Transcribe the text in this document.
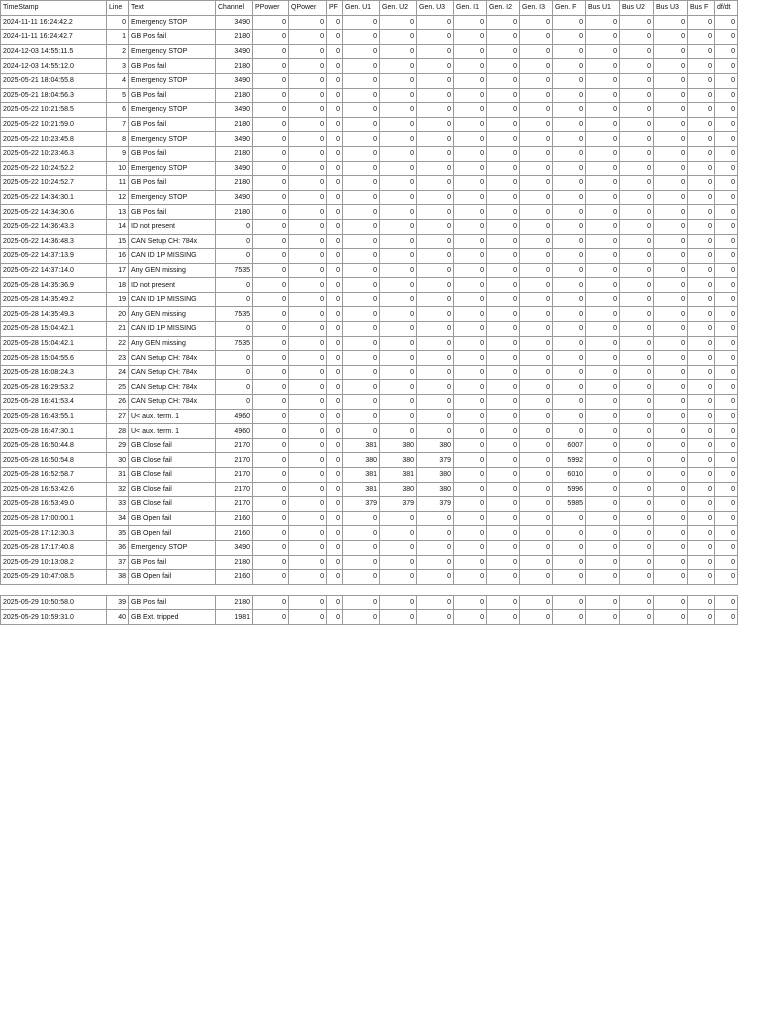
TimeStamp	Line	Text	Channel	PPower	QPower	PF	Gen. U1	Gen. U2	Gen. U3	Gen. I1	Gen. I2	Gen. I3	Gen. F	Bus U1	Bus U2	Bus U3	Bus F	df/dt
2024-11-11 16:24:42.2	0	Emergency STOP	3490	0	0	0	0	0	0	0	0	0	0	0	0	0	0	0
2024-11-11 16:24:42.7	1	GB Pos fail	2180	0	0	0	0	0	0	0	0	0	0	0	0	0	0	0
2024-12-03 14:55:11.5	2	Emergency STOP	3490	0	0	0	0	0	0	0	0	0	0	0	0	0	0	0
2024-12-03 14:55:12.0	3	GB Pos fail	2180	0	0	0	0	0	0	0	0	0	0	0	0	0	0	0
2025-05-21 18:04:55.8	4	Emergency STOP	3490	0	0	0	0	0	0	0	0	0	0	0	0	0	0	0
2025-05-21 18:04:56.3	5	GB Pos fail	2180	0	0	0	0	0	0	0	0	0	0	0	0	0	0	0
2025-05-22 10:21:58.5	6	Emergency STOP	3490	0	0	0	0	0	0	0	0	0	0	0	0	0	0	0
2025-05-22 10:21:59.0	7	GB Pos fail	2180	0	0	0	0	0	0	0	0	0	0	0	0	0	0	0
2025-05-22 10:23:45.8	8	Emergency STOP	3490	0	0	0	0	0	0	0	0	0	0	0	0	0	0	0
2025-05-22 10:23:46.3	9	GB Pos fail	2180	0	0	0	0	0	0	0	0	0	0	0	0	0	0	0
2025-05-22 10:24:52.2	10	Emergency STOP	3490	0	0	0	0	0	0	0	0	0	0	0	0	0	0	0
2025-05-22 10:24:52.7	11	GB Pos fail	2180	0	0	0	0	0	0	0	0	0	0	0	0	0	0	0
2025-05-22 14:34:30.1	12	Emergency STOP	3490	0	0	0	0	0	0	0	0	0	0	0	0	0	0	0
2025-05-22 14:34:30.6	13	GB Pos fail	2180	0	0	0	0	0	0	0	0	0	0	0	0	0	0	0
2025-05-22 14:36:43.3	14	ID not present	0	0	0	0	0	0	0	0	0	0	0	0	0	0	0	0
2025-05-22 14:36:48.3	15	CAN Setup CH: 784x	0	0	0	0	0	0	0	0	0	0	0	0	0	0	0	0
2025-05-22 14:37:13.9	16	CAN ID 1P MISSING	0	0	0	0	0	0	0	0	0	0	0	0	0	0	0	0
2025-05-22 14:37:14.0	17	Any GEN missing	7535	0	0	0	0	0	0	0	0	0	0	0	0	0	0	0
2025-05-28 14:35:36.9	18	ID not present	0	0	0	0	0	0	0	0	0	0	0	0	0	0	0	0
2025-05-28 14:35:49.2	19	CAN ID 1P MISSING	0	0	0	0	0	0	0	0	0	0	0	0	0	0	0	0
2025-05-28 14:35:49.3	20	Any GEN missing	7535	0	0	0	0	0	0	0	0	0	0	0	0	0	0	0
2025-05-28 15:04:42.1	21	CAN ID 1P MISSING	0	0	0	0	0	0	0	0	0	0	0	0	0	0	0	0
2025-05-28 15:04:42.1	22	Any GEN missing	7535	0	0	0	0	0	0	0	0	0	0	0	0	0	0	0
2025-05-28 15:04:55.6	23	CAN Setup CH: 784x	0	0	0	0	0	0	0	0	0	0	0	0	0	0	0	0
2025-05-28 16:08:24.3	24	CAN Setup CH: 784x	0	0	0	0	0	0	0	0	0	0	0	0	0	0	0	0
2025-05-28 16:29:53.2	25	CAN Setup CH: 784x	0	0	0	0	0	0	0	0	0	0	0	0	0	0	0	0
2025-05-28 16:41:53.4	26	CAN Setup CH: 784x	0	0	0	0	0	0	0	0	0	0	0	0	0	0	0	0
2025-05-28 16:43:55.1	27	U< aux. term. 1	4960	0	0	0	0	0	0	0	0	0	0	0	0	0	0	0
2025-05-28 16:47:30.1	28	U< aux. term. 1	4960	0	0	0	0	0	0	0	0	0	0	0	0	0	0	0
2025-05-28 16:50:44.8	29	GB Close fail	2170	0	0	0	381	380	380	0	0	0	6007	0	0	0	0	0
2025-05-28 16:50:54.8	30	GB Close fail	2170	0	0	0	380	380	379	0	0	0	5992	0	0	0	0	0
2025-05-28 16:52:58.7	31	GB Close fail	2170	0	0	0	381	381	380	0	0	0	6010	0	0	0	0	0
2025-05-28 16:53:42.6	32	GB Close fail	2170	0	0	0	381	380	380	0	0	0	5996	0	0	0	0	0
2025-05-28 16:53:49.0	33	GB Close fail	2170	0	0	0	379	379	379	0	0	0	5985	0	0	0	0	0
2025-05-28 17:00:00.1	34	GB Open fail	2160	0	0	0	0	0	0	0	0	0	0	0	0	0	0	0
2025-05-28 17:12:30.3	35	GB Open fail	2160	0	0	0	0	0	0	0	0	0	0	0	0	0	0	0
2025-05-28 17:17:40.8	36	Emergency STOP	3490	0	0	0	0	0	0	0	0	0	0	0	0	0	0	0
2025-05-29 10:13:08.2	37	GB Pos fail	2180	0	0	0	0	0	0	0	0	0	0	0	0	0	0	0
2025-05-29 10:47:08.5	38	GB Open fail	2160	0	0	0	0	0	0	0	0	0	0	0	0	0	0	0

2025-05-29 10:50:58.0	39	GB Pos fail	2180	0	0	0	0	0	0	0	0	0	0	0	0	0	0	0
2025-05-29 10:59:31.0	40	GB Ext. tripped	1981	0	0	0	0	0	0	0	0	0	0	0	0	0	0	0
